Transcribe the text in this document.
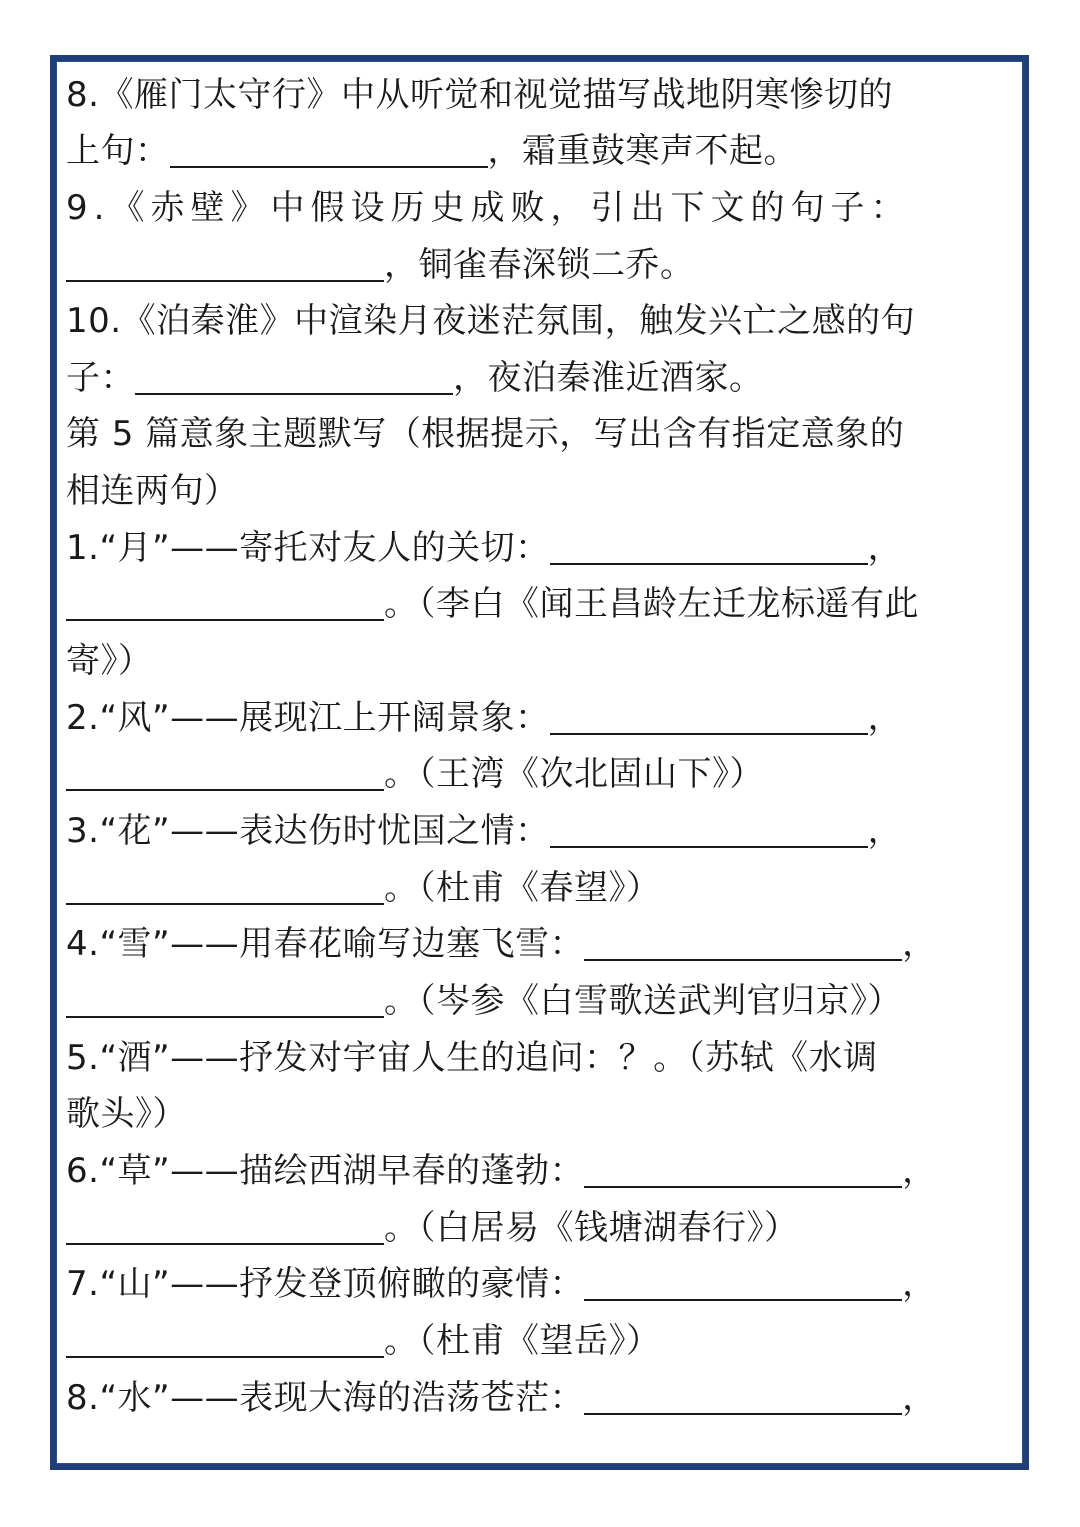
8.《雁门太守行》中从听觉和视觉描写战地阴寒惨切的
上句：	，霜重鼓寒声不起。
9.《赤壁》中假设历史成败，引出下文的句子：
，铜雀春深锁二乔。
10.《泊秦淮》中渲染月夜迷茫氛围，触发兴亡之感的句
子：	，夜泊秦淮近酒家。
第 5 篇意象主题默写（根据提示，写出含有指定意象的
相连两句）
1.“月”——寄托对友人的关切：	，
。（李白《闻王昌龄左迁龙标遥有此
寄》）
2.“风”——展现江上开阔景象：	，
。（王湾《次北固山下》）
3.“花”——表达伤时忧国之情：	，
。（杜甫《春望》）
4.“雪”——用春花喻写边塞飞雪：	，
。（岑参《白雪歌送武判官归京》）
5.“酒”——抒发对宇宙人生的追问：？。（苏轼《水调
歌头》）
6.“草”——描绘西湖早春的蓬勃：	，
。（白居易《钱塘湖春行》）
7.“山”——抒发登顶俯瞰的豪情：	，
。（杜甫《望岳》）
8.“水”——表现大海的浩荡苍茫：	，
